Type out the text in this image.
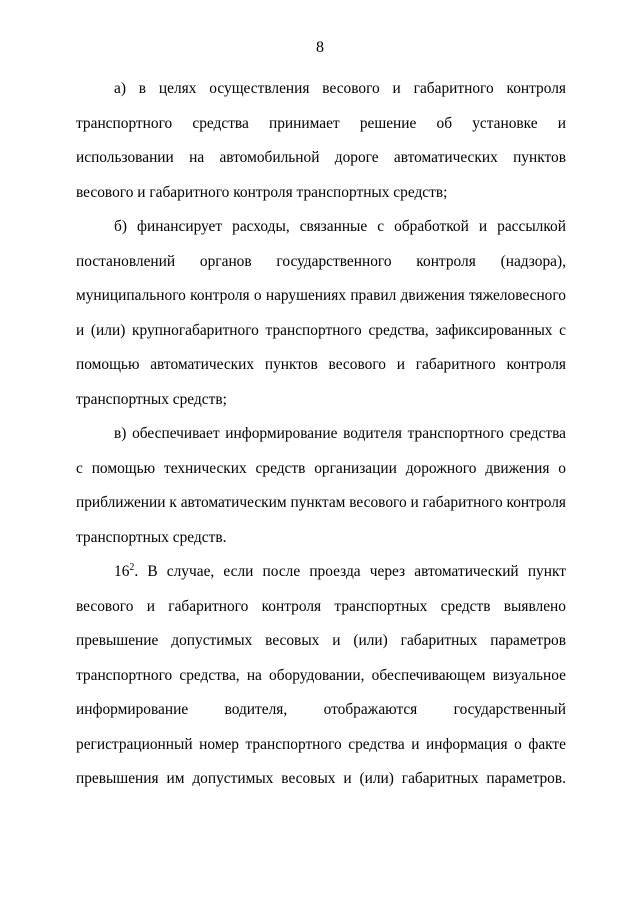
8

а) в целях осуществления весового и габаритного контроля транспортного средства принимает решение об установке и использовании на автомобильной дороге автоматических пунктов весового и габаритного контроля транспортных средств;

б) финансирует расходы, связанные с обработкой и рассылкой постановлений органов государственного контроля (надзора), муниципального контроля о нарушениях правил движения тяжеловесного и (или) крупногабаритного транспортного средства, зафиксированных с помощью автоматических пунктов весового и габаритного контроля транспортных средств;

в) обеспечивает информирование водителя транспортного средства с помощью технических средств организации дорожного движения о приближении к автоматическим пунктам весового и габаритного контроля транспортных средств.

$16^2$. В случае, если после проезда через автоматический пункт весового и габаритного контроля транспортных средств выявлено превышение допустимых весовых и (или) габаритных параметров транспортного средства, на оборудовании, обеспечивающем визуальное информирование водителя, отображаются государственный регистрационный номер транспортного средства и информация о факте превышения им допустимых весовых и (или) габаритных параметров.
